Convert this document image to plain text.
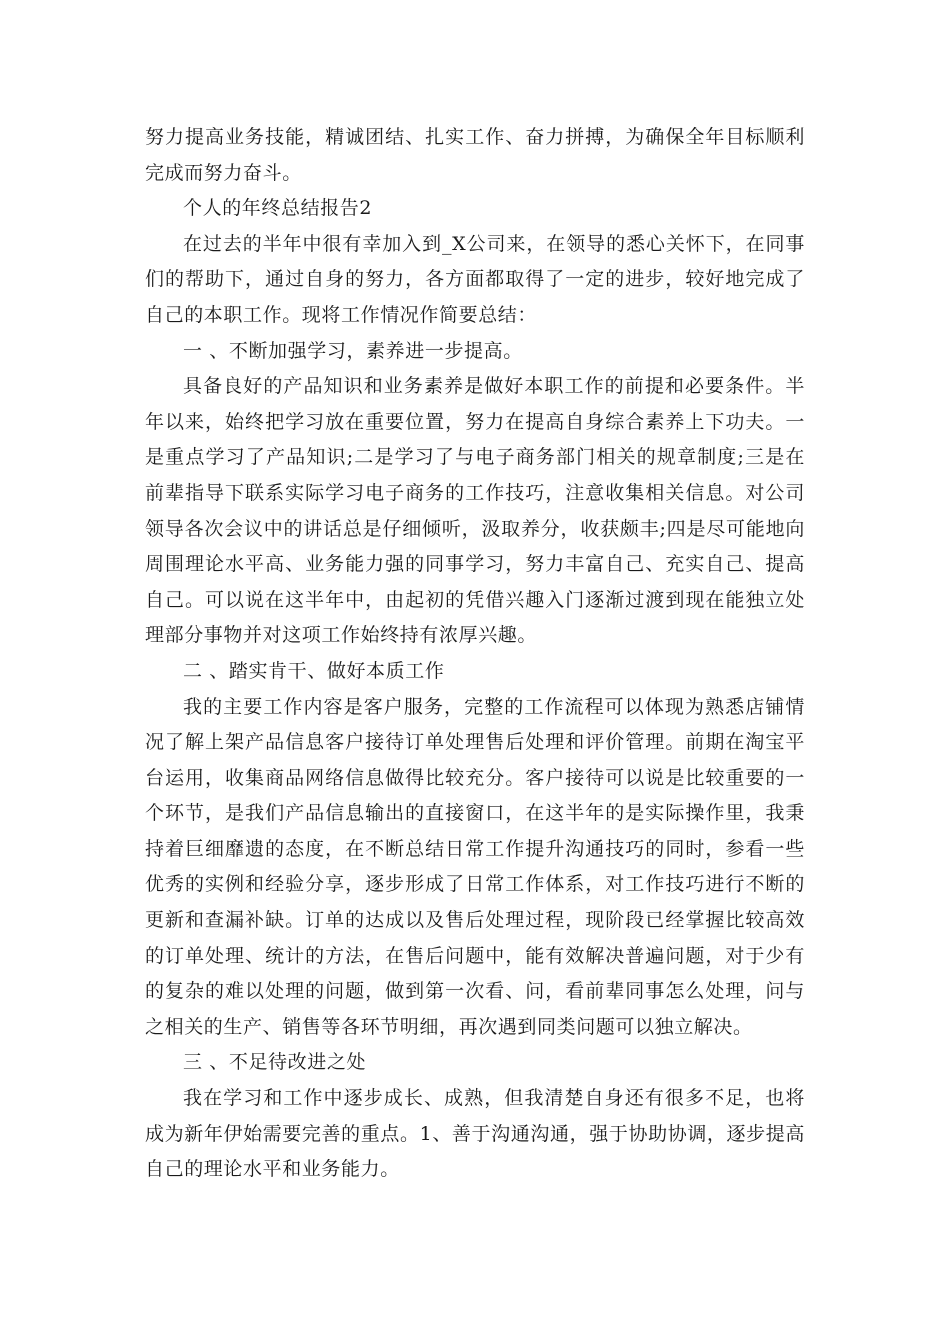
努力提高业务技能，精诚团结、扎实工作、奋力拼搏，为确保全年目标顺利完成而努力奋斗。

个人的年终总结报告2

在过去的半年中很有幸加入到_X公司来，在领导的悉心关怀下，在同事们的帮助下，通过自身的努力，各方面都取得了一定的进步，较好地完成了自己的本职工作。现将工作情况作简要总结：

一 、不断加强学习，素养进一步提高。

具备良好的产品知识和业务素养是做好本职工作的前提和必要条件。半年以来，始终把学习放在重要位置，努力在提高自身综合素养上下功夫。一是重点学习了产品知识;二是学习了与电子商务部门相关的规章制度;三是在前辈指导下联系实际学习电子商务的工作技巧，注意收集相关信息。对公司领导各次会议中的讲话总是仔细倾听，汲取养分，收获颇丰;四是尽可能地向周围理论水平高、业务能力强的同事学习，努力丰富自己、充实自己、提高自己。可以说在这半年中，由起初的凭借兴趣入门逐渐过渡到现在能独立处理部分事物并对这项工作始终持有浓厚兴趣。

二 、踏实肯干、做好本质工作

我的主要工作内容是客户服务，完整的工作流程可以体现为熟悉店铺情况了解上架产品信息客户接待订单处理售后处理和评价管理。前期在淘宝平台运用，收集商品网络信息做得比较充分。客户接待可以说是比较重要的一个环节，是我们产品信息输出的直接窗口，在这半年的是实际操作里，我秉持着巨细靡遗的态度，在不断总结日常工作提升沟通技巧的同时，参看一些优秀的实例和经验分享，逐步形成了日常工作体系，对工作技巧进行不断的更新和查漏补缺。订单的达成以及售后处理过程，现阶段已经掌握比较高效的订单处理、统计的方法，在售后问题中，能有效解决普遍问题，对于少有的复杂的难以处理的问题，做到第一次看、问，看前辈同事怎么处理，问与之相关的生产、销售等各环节明细，再次遇到同类问题可以独立解决。

三 、不足待改进之处

我在学习和工作中逐步成长、成熟，但我清楚自身还有很多不足，也将成为新年伊始需要完善的重点。1、善于沟通沟通，强于协助协调，逐步提高自己的理论水平和业务能力。
